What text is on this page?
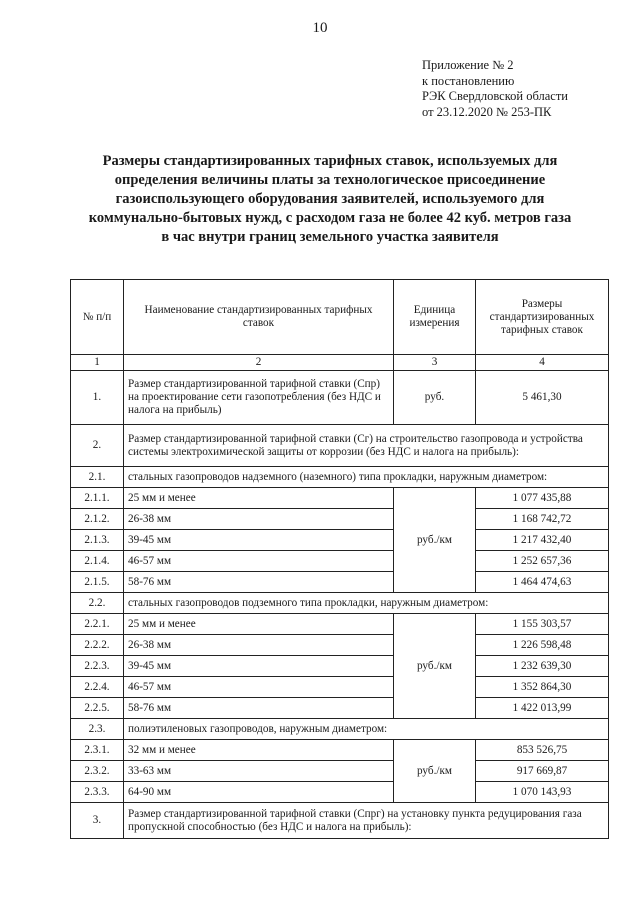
10
Приложение № 2
к постановлению
РЭК Свердловской области
от 23.12.2020 № 253-ПК
Размеры стандартизированных тарифных ставок, используемых для
определения величины платы за технологическое присоединение
газоиспользующего оборудования заявителей, используемого для
коммунально-бытовых нужд, с расходом газа не более 42 куб. метров газа
в час внутри границ земельного участка заявителя
№ п/п	Наименование стандартизированных тарифных ставок	Единица измерения	Размеры стандартизированных тарифных ставок
1	2	3	4
1.	Размер стандартизированной тарифной ставки (Спр) на проектирование сети газопотребления (без НДС и налога на прибыль)	руб.	5 461,30
2.	Размер стандартизированной тарифной ставки (Сг) на строительство газопровода и устройства системы электрохимической защиты от коррозии (без НДС и налога на прибыль):		
2.1.	стальных газопроводов надземного (наземного) типа прокладки, наружным диаметром:		
2.1.1.	25 мм и менее	руб./км	1 077 435,88
2.1.2.	26-38 мм		1 168 742,72
2.1.3.	39-45 мм		1 217 432,40
2.1.4.	46-57 мм		1 252 657,36
2.1.5.	58-76 мм		1 464 474,63
2.2.	стальных газопроводов подземного типа прокладки, наружным диаметром:		
2.2.1.	25 мм и менее	руб./км	1 155 303,57
2.2.2.	26-38 мм		1 226 598,48
2.2.3.	39-45 мм		1 232 639,30
2.2.4.	46-57 мм		1 352 864,30
2.2.5.	58-76 мм		1 422 013,99
2.3.	полиэтиленовых газопроводов, наружным диаметром:		
2.3.1.	32 мм и менее	руб./км	853 526,75
2.3.2.	33-63 мм		917 669,87
2.3.3.	64-90 мм		1 070 143,93
3.	Размер стандартизированной тарифной ставки (Спрг) на установку пункта редуцирования газа пропускной способностью (без НДС и налога на прибыль):		
